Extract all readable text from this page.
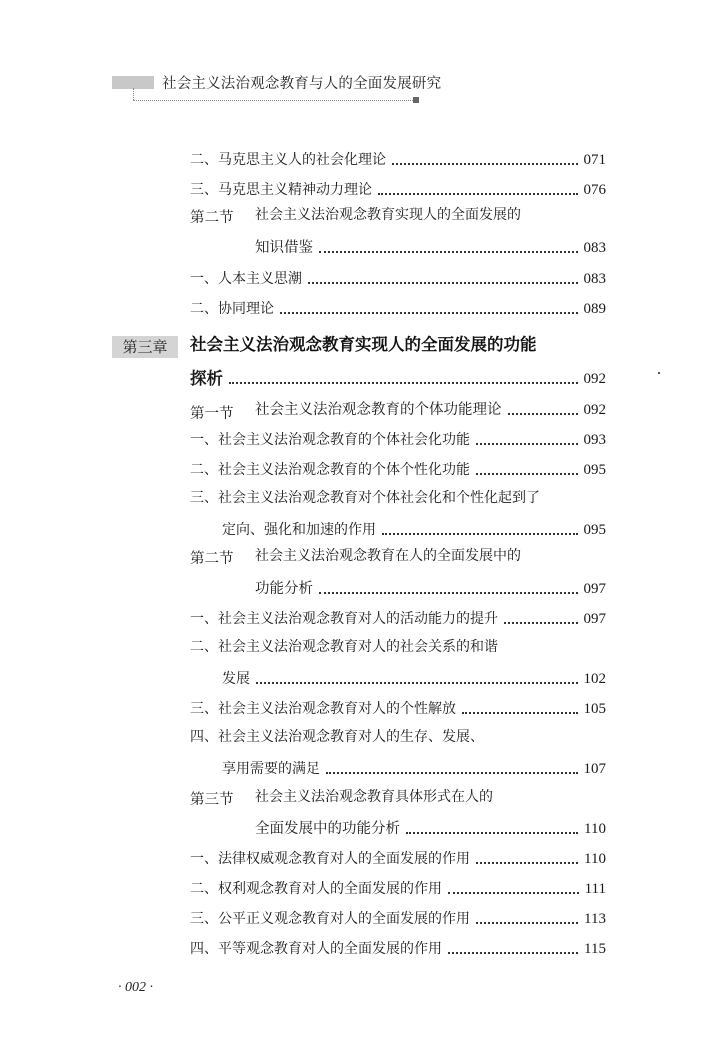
社会主义法治观念教育与人的全面发展研究
二、马克思主义人的社会化理论	071
三、马克思主义精神动力理论	076
第二节 社会主义法治观念教育实现人的全面发展的
知识借鉴	083
一、人本主义思潮	083
二、协同理论	089
第三章	社会主义法治观念教育实现人的全面发展的功能
探析	092
第一节 社会主义法治观念教育的个体功能理论	092
一、社会主义法治观念教育的个体社会化功能	093
二、社会主义法治观念教育的个体个性化功能	095
三、社会主义法治观念教育对个体社会化和个性化起到了
定向、强化和加速的作用	095
第二节 社会主义法治观念教育在人的全面发展中的
功能分析	097
一、社会主义法治观念教育对人的活动能力的提升	097
二、社会主义法治观念教育对人的社会关系的和谐
发展	102
三、社会主义法治观念教育对人的个性解放	105
四、社会主义法治观念教育对人的生存、发展、
享用需要的满足	107
第三节 社会主义法治观念教育具体形式在人的
全面发展中的功能分析	110
一、法律权威观念教育对人的全面发展的作用	110
二、权利观念教育对人的全面发展的作用	111
三、公平正义观念教育对人的全面发展的作用	113
四、平等观念教育对人的全面发展的作用	115
· 002 ·
